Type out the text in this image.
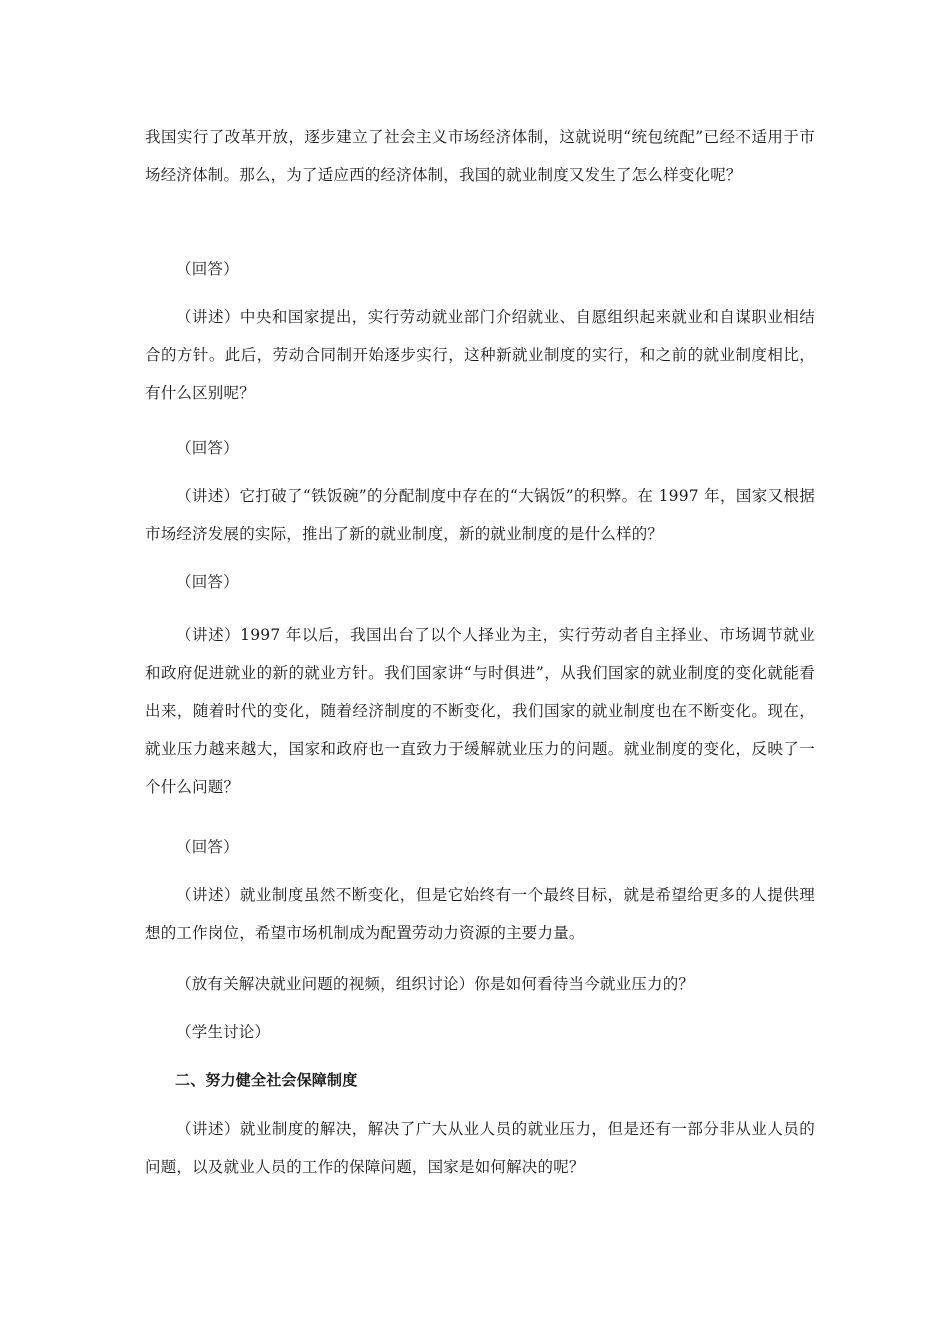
我国实行了改革开放，逐步建立了社会主义市场经济体制，这就说明“统包统配”已经不适用于市场经济体制。那么，为了适应西的经济体制，我国的就业制度又发生了怎么样变化呢？

（回答）

（讲述）中央和国家提出，实行劳动就业部门介绍就业、自愿组织起来就业和自谋职业相结合的方针。此后，劳动合同制开始逐步实行，这种新就业制度的实行，和之前的就业制度相比，有什么区别呢？

（回答）

（讲述）它打破了“铁饭碗”的分配制度中存在的“大锅饭”的积弊。在 1997 年，国家又根据市场经济发展的实际，推出了新的就业制度，新的就业制度的是什么样的？

（回答）

（讲述）1997 年以后，我国出台了以个人择业为主，实行劳动者自主择业、市场调节就业和政府促进就业的新的就业方针。我们国家讲“与时俱进”，从我们国家的就业制度的变化就能看出来，随着时代的变化，随着经济制度的不断变化，我们国家的就业制度也在不断变化。现在，就业压力越来越大，国家和政府也一直致力于缓解就业压力的问题。就业制度的变化，反映了一个什么问题？

（回答）

（讲述）就业制度虽然不断变化，但是它始终有一个最终目标，就是希望给更多的人提供理想的工作岗位，希望市场机制成为配置劳动力资源的主要力量。

（放有关解决就业问题的视频，组织讨论）你是如何看待当今就业压力的？

（学生讨论）

二、努力健全社会保障制度

（讲述）就业制度的解决，解决了广大从业人员的就业压力，但是还有一部分非从业人员的问题，以及就业人员的工作的保障问题，国家是如何解决的呢？
